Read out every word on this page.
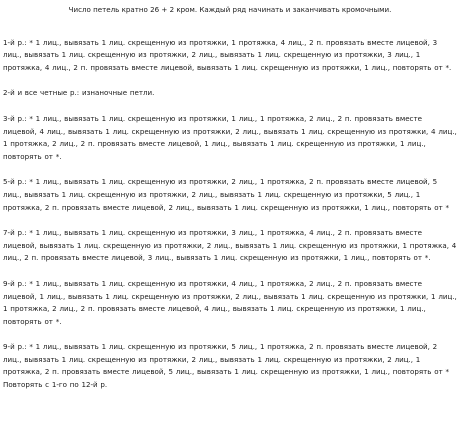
Число петель кратно 26 + 2 кром. Каждый ряд начинать и заканчивать кромочными.
1-й р.: * 1 лиц., вывязать 1 лиц. скрещенную из протяжки, 1 протяжка, 4 лиц., 2 п. провязать вместе лицевой, 3 лиц., вывязать 1 лиц. скрещенную из протяжки, 2 лиц., вывязать 1 лиц. скрещенную из протяжки, 3 лиц., 1 протяжка, 4 лиц., 2 п. провязать вместе лицевой, вывязать 1 лиц. скрещенную из протяжки, 1 лиц., повторять от *.
2-й и все четные р.: изнаночные петли.
3-й р.: * 1 лиц., вывязать 1 лиц. скрещенную из протяжки, 1 лиц., 1 протяжка, 2 лиц., 2 п. провязать вместе лицевой, 4 лиц., вывязать 1 лиц. скрещенную из протяжки, 2 лиц., вывязать 1 лиц. скрещенную из протяжки, 4 лиц., 1 протяжка, 2 лиц., 2 п. провязать вместе лицевой, 1 лиц., вывязать 1 лиц. скрещенную из протяжки, 1 лиц., повторять от *.
5-й р.: * 1 лиц., вывязать 1 лиц. скрещенную из протяжки, 2 лиц., 1 протяжка, 2 п. провязать вместе лицевой, 5 лиц., вывязать 1 лиц. скрещенную из протяжки, 2 лиц., вывязать 1 лиц. скрещенную из протяжки, 5 лиц., 1 протяжка, 2 п. провязать вместе лицевой, 2 лиц., вывязать 1 лиц. скрещенную из протяжки, 1 лиц., повторять от *
7-й р.: * 1 лиц., вывязать 1 лиц. скрещенную из протяжки, 3 лиц., 1 протяжка, 4 лиц., 2 п. провязать вместе лицевой, вывязать 1 лиц. скрещенную из протяжки, 2 лиц., вывязать 1 лиц. скрещенную из протяжки, 1 протяжка, 4 лиц., 2 п. провязать вместе лицевой, 3 лиц., вывязать 1 лиц. скрещенную из протяжки, 1 лиц., повторять от *.
9-й р.: * 1 лиц., вывязать 1 лиц. скрещенную из протяжки, 4 лиц., 1 протяжка, 2 лиц., 2 п. провязать вместе лицевой, 1 лиц., вывязать 1 лиц. скрещенную из протяжки, 2 лиц., вывязать 1 лиц. скрещенную из протяжки, 1 лиц., 1 протяжка, 2 лиц., 2 п. провязать вместе лицевой, 4 лиц., вывязать 1 лиц. скрещенную из протяжки, 1 лиц., повторять от *.
9-й р.: * 1 лиц., вывязать 1 лиц. скрещенную из протяжки, 5 лиц., 1 протяжка, 2 п. провязать вместе лицевой, 2 лиц., вывязать 1 лиц. скрещенную из протяжки, 2 лиц., вывязать 1 лиц. скрещенную из протяжки, 2 лиц., 1 протяжка, 2 п. провязать вместе лицевой, 5 лиц., вывязать 1 лиц. скрещенную из протяжки, 1 лиц., повторять от *
Повторять с 1-го по 12-й р.
